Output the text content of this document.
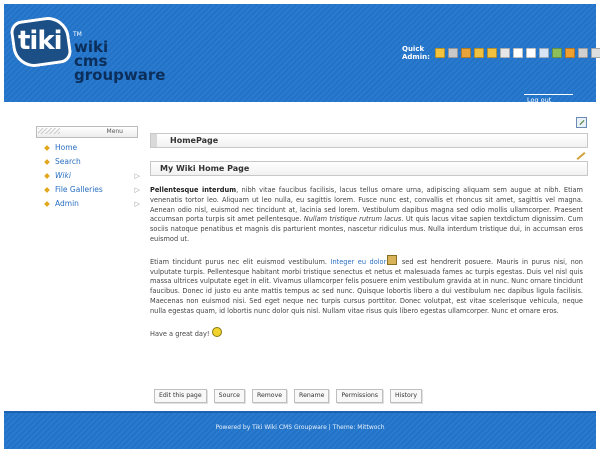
tiki TM
wiki
cms
groupware
Quick Admin:
Log out
Menu
Home
Search
Wiki	▷
File Galleries	▷
Admin	▷
HomePage
My Wiki Home Page

Pellentesque interdum, nibh vitae faucibus facilisis, lacus tellus ornare urna, adipiscing aliquam sem augue at nibh. Etiam venenatis tortor leo. Aliquam ut leo nulla, eu sagittis lorem. Fusce nunc est, convallis et rhoncus sit amet, sagittis vel magna. Aenean odio nisl, euismod nec tincidunt at, lacinia sed lorem. Vestibulum dapibus magna sed odio mollis ullamcorper. Praesent accumsan porta turpis sit amet pellentesque. Nullam tristique rutrum lacus. Ut quis lacus vitae sapien textdictum dignissim. Cum sociis natoque penatibus et magnis dis parturient montes, nascetur ridiculus mus. Nulla interdum tristique dui, in accumsan eros euismod ut.

Etiam tincidunt purus nec elit euismod vestibulum. Integer eu dolor sed est hendrerit posuere. Mauris in purus nisi, non vulputate turpis. Pellentesque habitant morbi tristique senectus et netus et malesuada fames ac turpis egestas. Duis vel nisl quis massa ultrices vulputate eget in elit. Vivamus ullamcorper felis posuere enim vestibulum gravida at in nunc. Nunc ornare tincidunt faucibus. Donec id justo eu ante mattis tempus ac sed nunc. Quisque lobortis libero a dui vestibulum nec dapibus ligula facilisis. Maecenas non euismod nisi. Sed eget neque nec turpis cursus porttitor. Donec volutpat, est vitae scelerisque vehicula, neque nulla egestas quam, id lobortis nunc dolor quis nisl. Nullam vitae risus quis libero egestas ullamcorper. Nunc et ornare eros.

Have a great day!

Edit this page	Source	Remove	Rename	Permissions	History
Powered by Tiki Wiki CMS Groupware | Theme: Mittwoch
